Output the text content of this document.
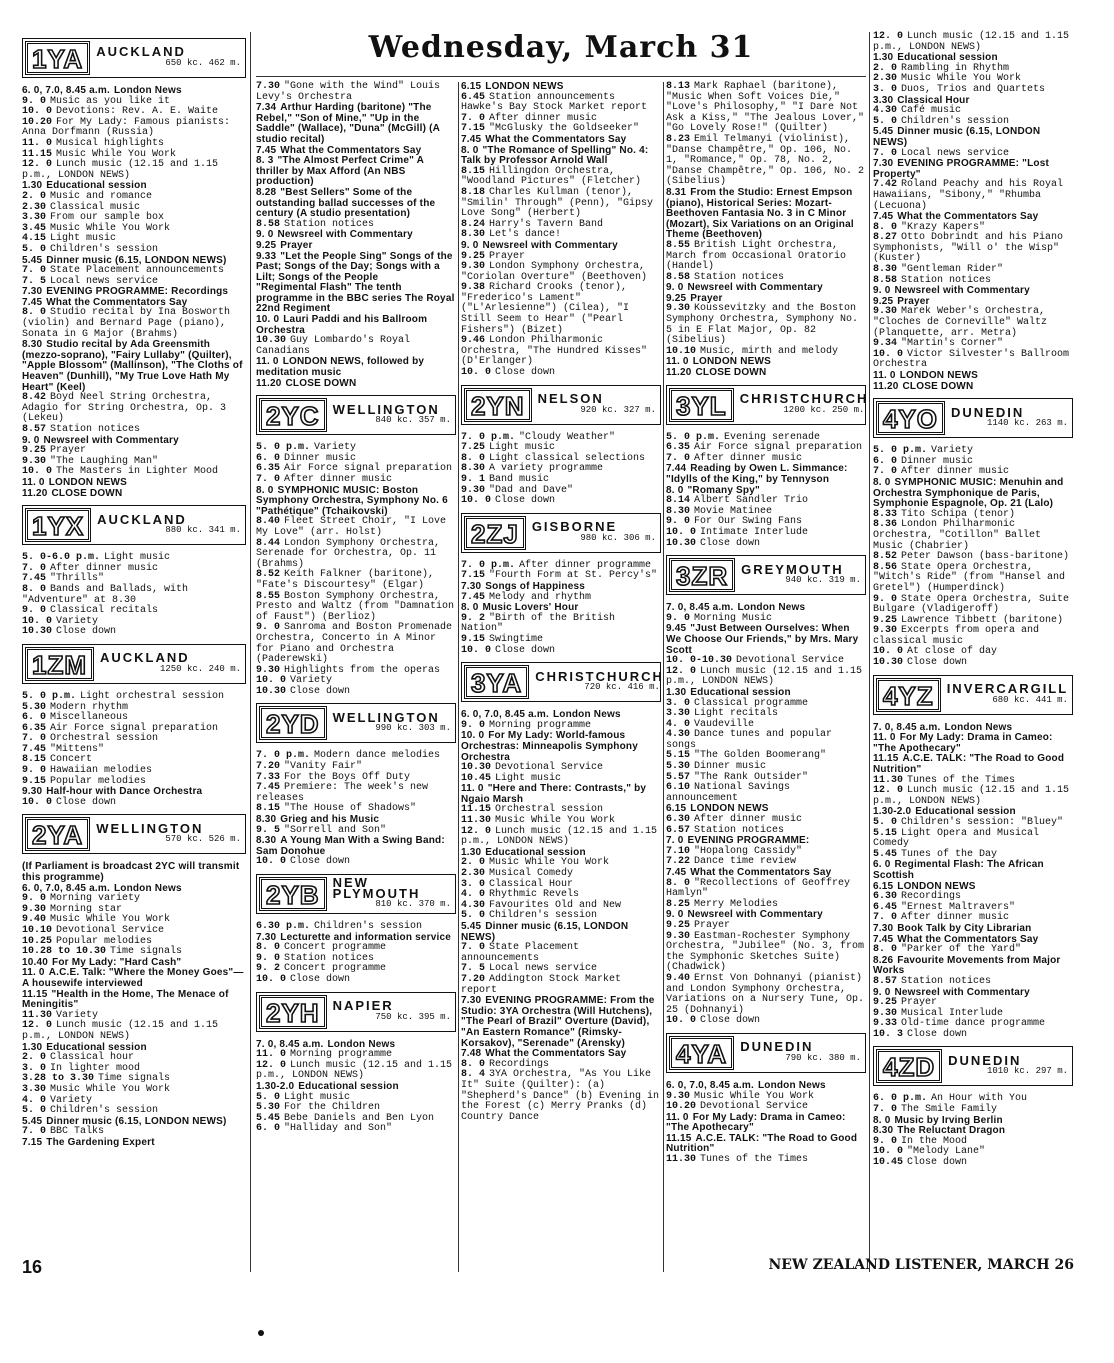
Wednesday, March 31
1YA	AUCKLAND
650 kc. 462 m.
6. 0, 7.0, 8.45 a.m. London News
9. 0 Music as you like it
10. 0 Devotions: Rev. A. E. Waite
10.20 For My Lady: Famous pianists: Anna Dorfmann (Russia)
11. 0 Musical highlights
11.15 Music While You Work
12. 0 Lunch music (12.15 and 1.15 p.m., LONDON NEWS)
1.30 Educational session
2. 0 Music and romance
2.30 Classical music
3.30 From our sample box
3.45 Music While You Work
4.15 Light music
5. 0 Children's session
5.45 Dinner music (6.15, LONDON NEWS)
7. 0 State Placement announcements
7. 5 Local news service
7.30 EVENING PROGRAMME: Recordings
7.45 What the Commentators Say
8. 0 Studio recital by Ina Bosworth (violin) and Bernard Page (piano), Sonata in G Major (Brahms)
8.30 Studio recital by Ada Greensmith (mezzo-soprano), "Fairy Lullaby" (Quilter), "Apple Blossom" (Mallinson), "The Cloths of Heaven" (Dunhill), "My True Love Hath My Heart" (Keel)
8.42 Boyd Neel String Orchestra, Adagio for String Orchestra, Op. 3 (Lekeu)
8.57 Station notices
9. 0 Newsreel with Commentary
9.25 Prayer
9.30 "The Laughing Man"
10. 0 The Masters in Lighter Mood
11. 0 LONDON NEWS
11.20 CLOSE DOWN
1YX	AUCKLAND
880 kc. 341 m.
5. 0-6.0 p.m. Light music
7. 0 After dinner music
7.45 "Thrills"
8. 0 Bands and Ballads, with "Adventure" at 8.30
9. 0 Classical recitals
10. 0 Variety
10.30 Close down
1ZM	AUCKLAND
1250 kc. 240 m.
5. 0 p.m. Light orchestral session
5.30 Modern rhythm
6. 0 Miscellaneous
6.35 Air Force signal preparation
7. 0 Orchestral session
7.45 "Mittens"
8.15 Concert
9. 0 Hawaiian melodies
9.15 Popular melodies
9.30 Half-hour with Dance Orchestra
10. 0 Close down
2YA	WELLINGTON
570 kc. 526 m.
(If Parliament is broadcast 2YC will transmit this programme)
6. 0, 7.0, 8.45 a.m. London News
9. 0 Morning variety
9.30 Morning star
9.40 Music While You Work
10.10 Devotional Service
10.25 Popular melodies
10.28 to 10.30 Time signals
10.40 For My Lady: "Hard Cash"
11. 0 A.C.E. Talk: "Where the Money Goes"—A housewife interviewed
11.15 "Health in the Home, The Menace of Meningitis"
11.30 Variety
12. 0 Lunch music (12.15 and 1.15 p.m., LONDON NEWS)
1.30 Educational session
2. 0 Classical hour
3. 0 In lighter mood
3.28 to 3.30 Time signals
3.30 Music While You Work
4. 0 Variety
5. 0 Children's session
5.45 Dinner music (6.15, LONDON NEWS)
7. 0 BBC Talks
7.15 The Gardening Expert
7.30 "Gone with the Wind" Louis Levy's Orchestra
7.34 Arthur Harding (baritone) "The Rebel," "Son of Mine," "Up in the Saddle" (Wallace), "Duna" (McGill) (A studio recital)
7.45 What the Commentators Say
8. 3 "The Almost Perfect Crime" A thriller by Max Afford (An NBS production)
8.28 "Best Sellers" Some of the outstanding ballad successes of the century (A studio presentation)
8.58 Station notices
9. 0 Newsreel with Commentary
9.25 Prayer
9.33 "Let the People Sing" Songs of the Past; Songs of the Day; Songs with a Lilt; Songs of the People
"Regimental Flash" The tenth programme in the BBC series The Royal 22nd Regiment
10. 0 Lauri Paddi and his Ballroom Orchestra
10.30 Guy Lombardo's Royal Canadians
11. 0 LONDON NEWS, followed by meditation music
11.20 CLOSE DOWN
2YC	WELLINGTON
840 kc. 357 m.
5. 0 p.m. Variety
6. 0 Dinner music
6.35 Air Force signal preparation
7. 0 After dinner music
8. 0 SYMPHONIC MUSIC: Boston Symphony Orchestra, Symphony No. 6 "Pathétique" (Tchaikovski)
8.40 Fleet Street Choir, "I Love My Love" (arr. Holst)
8.44 London Symphony Orchestra, Serenade for Orchestra, Op. 11 (Brahms)
8.52 Keith Falkner (baritone), "Fate's Discourtesy" (Elgar)
8.55 Boston Symphony Orchestra, Presto and Waltz (from "Damnation of Faust") (Berlioz)
9. 0 Sanroma and Boston Promenade Orchestra, Concerto in A Minor for Piano and Orchestra (Paderewski)
9.30 Highlights from the operas
10. 0 Variety
10.30 Close down
2YD	WELLINGTON
990 kc. 303 m.
7. 0 p.m. Modern dance melodies
7.20 "Vanity Fair"
7.33 For the Boys Off Duty
7.45 Premiere: The week's new releases
8.15 "The House of Shadows"
8.30 Grieg and his Music
9. 5 "Sorrell and Son"
8.30 A Young Man With a Swing Band: Sam Donohue
10. 0 Close down
2YB	NEW PLYMOUTH
810 kc. 370 m.
6.30 p.m. Children's session
7.30 Lecturette and information service
8. 0 Concert programme
9. 0 Station notices
9. 2 Concert programme
10. 0 Close down
2YH	NAPIER
750 kc. 395 m.
7. 0, 8.45 a.m. London News
11. 0 Morning programme
12. 0 Lunch music (12.15 and 1.15 p.m., LONDON NEWS)
1.30-2.0 Educational session
5. 0 Light music
5.30 For the Children
5.45 Bebe Daniels and Ben Lyon
6. 0 "Halliday and Son"
6.15 LONDON NEWS
6.45 Station announcements Hawke's Bay Stock Market report
7. 0 After dinner music
7.15 "McGlusky the Goldseeker"
7.45 What the Commentators Say
8. 0 "The Romance of Spelling" No. 4: Talk by Professor Arnold Wall
8.15 Hillingdon Orchestra, "Woodland Pictures" (Fletcher)
8.18 Charles Kullman (tenor), "Smilin' Through" (Penn), "Gipsy Love Song" (Herbert)
8.24 Harry's Tavern Band
8.30 Let's dance!
9. 0 Newsreel with Commentary
9.25 Prayer
9.30 London Symphony Orchestra, "Coriolan Overture" (Beethoven)
9.38 Richard Crooks (tenor), "Frederico's Lament" ("L'Arlesienne") (Cilea), "I Still Seem to Hear" ("Pearl Fishers") (Bizet)
9.46 London Philharmonic Orchestra, "The Hundred Kisses" (D'Erlanger)
10. 0 Close down
2YN	NELSON
920 kc. 327 m.
7. 0 p.m. "Cloudy Weather"
7.25 Light music
8. 0 Light classical selections
8.30 A variety programme
9. 1 Band music
9.30 "Dad and Dave"
10. 0 Close down
2ZJ	GISBORNE
980 kc. 306 m.
7. 0 p.m. After dinner programme
7.15 "Fourth Form at St. Percy's"
7.30 Songs of Happiness
7.45 Melody and rhythm
8. 0 Music Lovers' Hour
9. 2 "Birth of the British Nation"
9.15 Swingtime
10. 0 Close down
3YA	CHRISTCHURCH
720 kc. 416 m.
6. 0, 7.0, 8.45 a.m. London News
9. 0 Morning programme
10. 0 For My Lady: World-famous Orchestras: Minneapolis Symphony Orchestra
10.30 Devotional Service
10.45 Light music
11. 0 "Here and There: Contrasts," by Ngaio Marsh
11.15 Orchestral session
11.30 Music While You Work
12. 0 Lunch music (12.15 and 1.15 p.m., LONDON NEWS)
1.30 Educational session
2. 0 Music While You Work
2.30 Musical Comedy
3. 0 Classical Hour
4. 0 Rhythmic Revels
4.30 Favourites Old and New
5. 0 Children's session
5.45 Dinner music (6.15, LONDON NEWS)
7. 0 State Placement announcements
7. 5 Local news service
7.20 Addington Stock Market report
7.30 EVENING PROGRAMME: From the Studio: 3YA Orchestra (Will Hutchens), "The Pearl of Brazil" Overture (David), "An Eastern Romance" (Rimsky-Korsakov), "Serenade" (Arensky)
7.48 What the Commentators Say
8. 0 Recordings
8. 4 3YA Orchestra, "As You Like It" Suite (Quilter): (a) "Shepherd's Dance" (b) Evening in the Forest (c) Merry Pranks (d) Country Dance
8.13 Mark Raphael (baritone), "Music When Soft Voices Die," "Love's Philosophy," "I Dare Not Ask a Kiss," "The Jealous Lover," "Go Lovely Rose!" (Quilter)
8.23 Emil Telmanyi (violinist), "Danse Champêtre," Op. 106, No. 1, "Romance," Op. 78, No. 2, "Danse Champêtre," Op. 106, No. 2 (Sibelius)
8.31 From the Studio: Ernest Empson (piano), Historical Series: Mozart-Beethoven Fantasia No. 3 in C Minor (Mozart), Six Variations on an Original Theme (Beethoven)
8.55 British Light Orchestra, March from Occasional Oratorio (Handel)
8.58 Station notices
9. 0 Newsreel with Commentary
9.25 Prayer
9.30 Koussevitzky and the Boston Symphony Orchestra, Symphony No. 5 in E Flat Major, Op. 82 (Sibelius)
10.10 Music, mirth and melody
11. 0 LONDON NEWS
11.20 CLOSE DOWN
3YL	CHRISTCHURCH
1200 kc. 250 m.
5. 0 p.m. Evening serenade
6.35 Air Force signal preparation
7. 0 After dinner music
7.44 Reading by Owen L. Simmance: "Idylls of the King," by Tennyson
8. 0 "Romany Spy"
8.14 Albert Sandler Trio
8.30 Movie Matinee
9. 0 For Our Swing Fans
10. 0 Intimate Interlude
10.30 Close down
3ZR	GREYMOUTH
940 kc. 319 m.
7. 0, 8.45 a.m. London News
9. 0 Morning Music
9.45 "Just Between Ourselves: When We Choose Our Friends," by Mrs. Mary Scott
10. 0-10.30 Devotional Service
12. 0 Lunch music (12.15 and 1.15 p.m., LONDON NEWS)
1.30 Educational session
3. 0 Classical programme
3.30 Light recitals
4. 0 Vaudeville
4.30 Dance tunes and popular songs
5.15 "The Golden Boomerang"
5.30 Dinner music
5.57 "The Rank Outsider"
6.10 National Savings announcement
6.15 LONDON NEWS
6.30 After dinner music
6.57 Station notices
7. 0 EVENING PROGRAMME:
7.10 "Hopalong Cassidy"
7.22 Dance time review
7.45 What the Commentators Say
8. 0 "Recollections of Geoffrey Hamlyn"
8.25 Merry Melodies
9. 0 Newsreel with Commentary
9.25 Prayer
9.30 Eastman-Rochester Symphony Orchestra, "Jubilee" (No. 3, from the Symphonic Sketches Suite) (Chadwick)
9.40 Ernst Von Dohnanyi (pianist) and London Symphony Orchestra, Variations on a Nursery Tune, Op. 25 (Dohnanyi)
10. 0 Close down
4YA	DUNEDIN
790 kc. 380 m.
6. 0, 7.0, 8.45 a.m. London News
9.30 Music While You Work
10.20 Devotional Service
11. 0 For My Lady: Drama in Cameo: "The Apothecary"
11.15 A.C.E. TALK: "The Road to Good Nutrition"
11.30 Tunes of the Times
12. 0 Lunch music (12.15 and 1.15 p.m., LONDON NEWS)
1.30 Educational session
2. 0 Rambling in Rhythm
2.30 Music While You Work
3. 0 Duos, Trios and Quartets
3.30 Classical Hour
4.30 Café music
5. 0 Children's session
5.45 Dinner music (6.15, LONDON NEWS)
7. 0 Local news service
7.30 EVENING PROGRAMME: "Lost Property"
7.42 Roland Peachy and his Royal Hawaiians, "Sibony," "Rhumba (Lecuona)
7.45 What the Commentators Say
8. 0 "Krazy Kapers"
8.27 Otto Dobrindt and his Piano Symphonists, "Will o' the Wisp" (Kuster)
8.30 "Gentleman Rider"
8.58 Station notices
9. 0 Newsreel with Commentary
9.25 Prayer
9.30 Marek Weber's Orchestra, "Cloches de Corneville" Waltz (Planquette, arr. Metra)
9.34 "Martin's Corner"
10. 0 Victor Silvester's Ballroom Orchestra
11. 0 LONDON NEWS
11.20 CLOSE DOWN
4YO	DUNEDIN
1140 kc. 263 m.
5. 0 p.m. Variety
6. 0 Dinner music
7. 0 After dinner music
8. 0 SYMPHONIC MUSIC: Menuhin and Orchestra Symphonique de Paris, Symphonie Espagnole, Op. 21 (Lalo)
8.33 Tito Schipa (tenor)
8.36 London Philharmonic Orchestra, "Cotillon" Ballet Music (Chabrier)
8.52 Peter Dawson (bass-baritone)
8.56 State Opera Orchestra, "Witch's Ride" (from "Hansel and Gretel") (Humperdinck)
9. 0 State Opera Orchestra, Suite Bulgare (Vladigeroff)
9.25 Lawrence Tibbett (baritone)
9.30 Excerpts from opera and classical music
10. 0 At close of day
10.30 Close down
4YZ	INVERCARGILL
680 kc. 441 m.
7. 0, 8.45 a.m. London News
11. 0 For My Lady: Drama in Cameo: "The Apothecary"
11.15 A.C.E. TALK: "The Road to Good Nutrition"
11.30 Tunes of the Times
12. 0 Lunch music (12.15 and 1.15 p.m., LONDON NEWS)
1.30-2.0 Educational session
5. 0 Children's session: "Bluey"
5.15 Light Opera and Musical Comedy
5.45 Tunes of the Day
6. 0 Regimental Flash: The African Scottish
6.15 LONDON NEWS
6.30 Recordings
6.45 "Ernest Maltravers"
7. 0 After dinner music
7.30 Book Talk by City Librarian
7.45 What the Commentators Say
8. 0 "Parker of the Yard"
8.26 Favourite Movements from Major Works
8.57 Station notices
9. 0 Newsreel with Commentary
9.25 Prayer
9.30 Musical Interlude
9.33 Old-time dance programme
10. 3 Close down
4ZD	DUNEDIN
1010 kc. 297 m.
6. 0 p.m. An Hour with You
7. 0 The Smile Family
8. 0 Music by Irving Berlin
8.30 The Reluctant Dragon
9. 0 In the Mood
10. 0 "Melody Lane"
10.45 Close down
16	NEW ZEALAND LISTENER, MARCH 26
